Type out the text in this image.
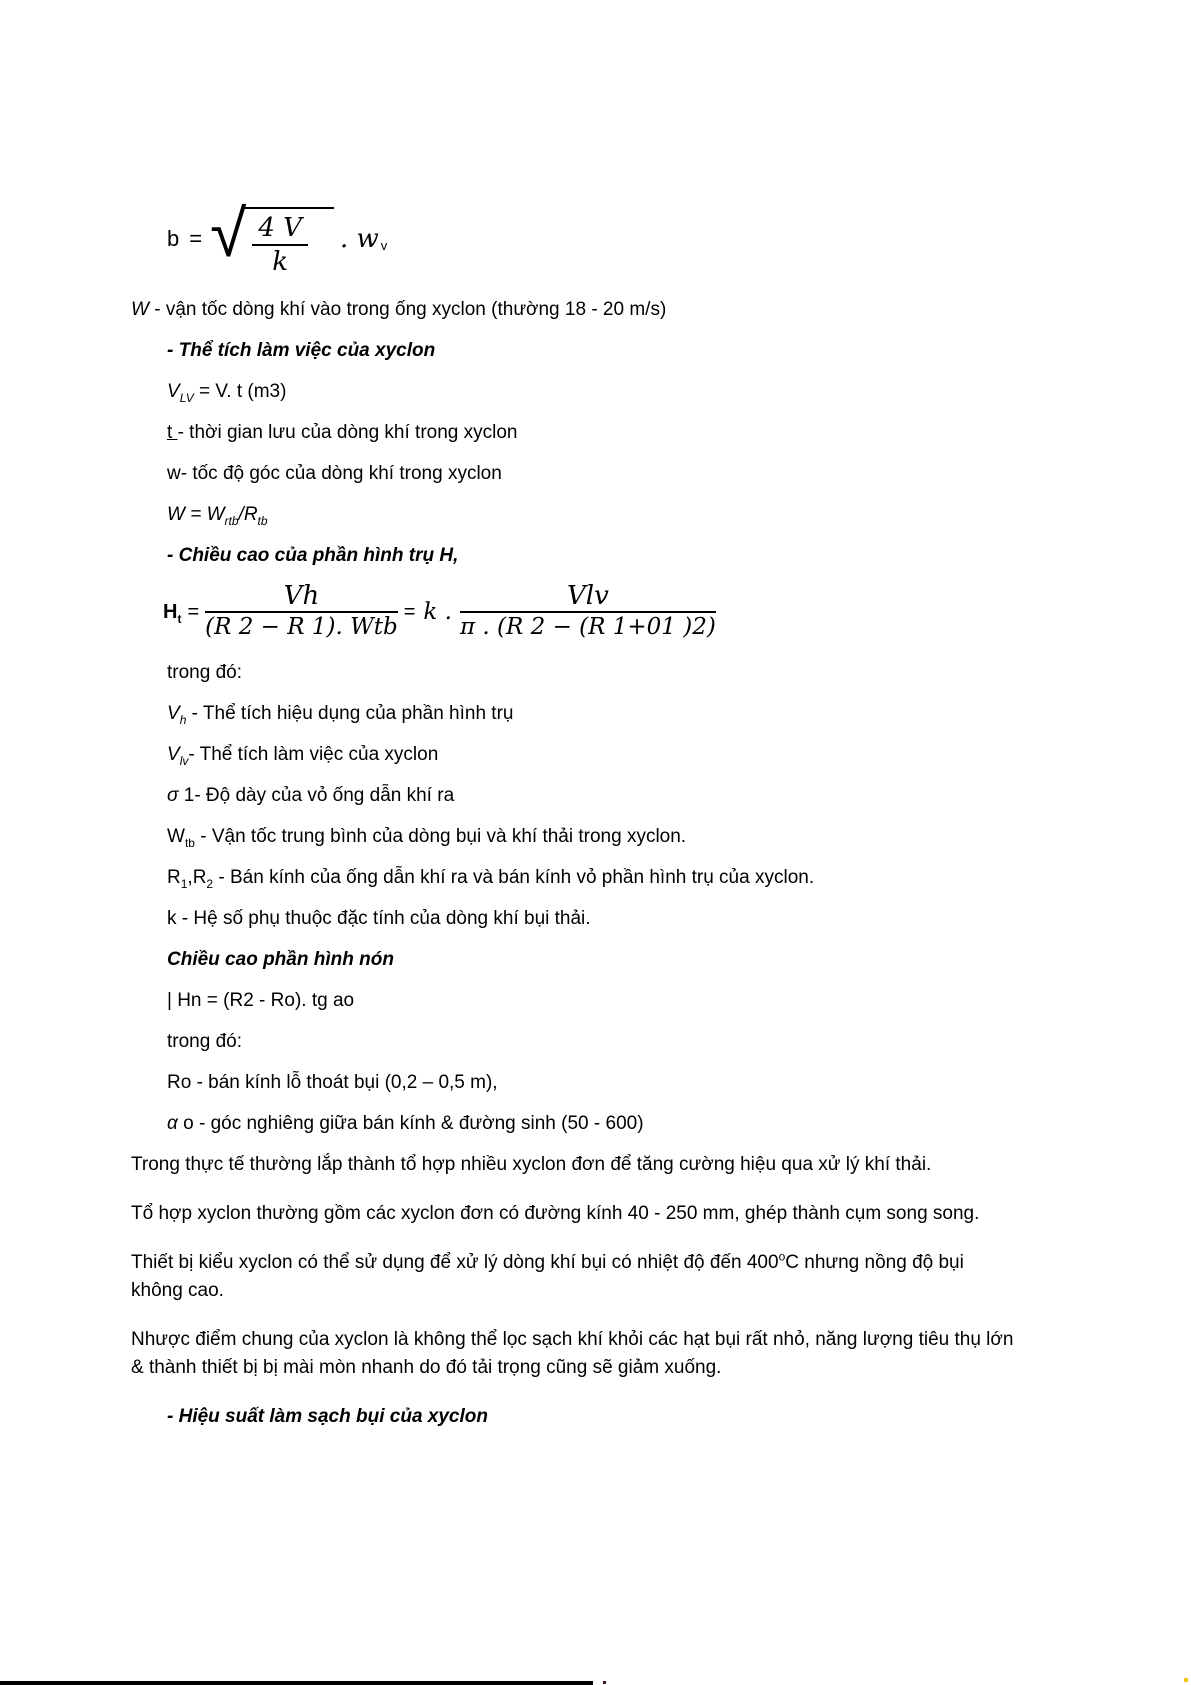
b = √ $\frac{4 V}{k}$ . w v

W - vận tốc dòng khí vào trong ống xyclon (thường 18 - 20 m/s)

- Thể tích làm việc của xyclon

$V_{LV} = V$. t (m3)

t - thời gian lưu của dòng khí trong xyclon

w- tốc độ góc của dòng khí trong xyclon

$W = W_{rtb}/R_{tb}$

- Chiều cao của phần hình trụ H,

$H_t = \frac{Vh}{\text{(R 2 − R 1). Wtb}} = k$ . $\frac{\text{Vlv}}{\pi . (R 2 - (R 1+01 )2)}$

trong đó:

$V_h$ - Thể tích hiệu dụng của phần hình trụ

$V_{lv}-$ Thể tích làm việc của xyclon

σ 1- Độ dày của vỏ ống dẫn khí ra

$W_{tb}$ - Vận tốc trung bình của dòng bụi và khí thải trong xyclon.

$R_1,R_2$ - Bán kính của ống dẫn khí ra và bán kính vỏ phần hình trụ của xyclon.

k - Hệ số phụ thuộc đặc tính của dòng khí bụi thải.

Chiều cao phần hình nón

| Hn = (R2 - Ro). tg ao

trong đó:

Ro - bán kính lỗ thoát bụi (0,2 – 0,5 m),

α o - góc nghiêng giữa bán kính & đường sinh (50 - 600)

Trong thực tế thường lắp thành tổ hợp nhiều xyclon đơn để tăng cường hiệu qua xử lý khí thải.

Tổ hợp xyclon thường gồm các xyclon đơn có đường kính 40 - 250 mm, ghép thành cụm song song.

Thiết bị kiểu xyclon có thể sử dụng để xử lý dòng khí bụi có nhiệt độ đến 400$^o$C nhưng nồng độ bụi
không cao.

Nhược điểm chung của xyclon là không thể lọc sạch khí khỏi các hạt bụi rất nhỏ, năng lượng tiêu thụ lớn
& thành thiết bị bị mài mòn nhanh do đó tải trọng cũng sẽ giảm xuống.

- Hiệu suất làm sạch bụi của xyclon
